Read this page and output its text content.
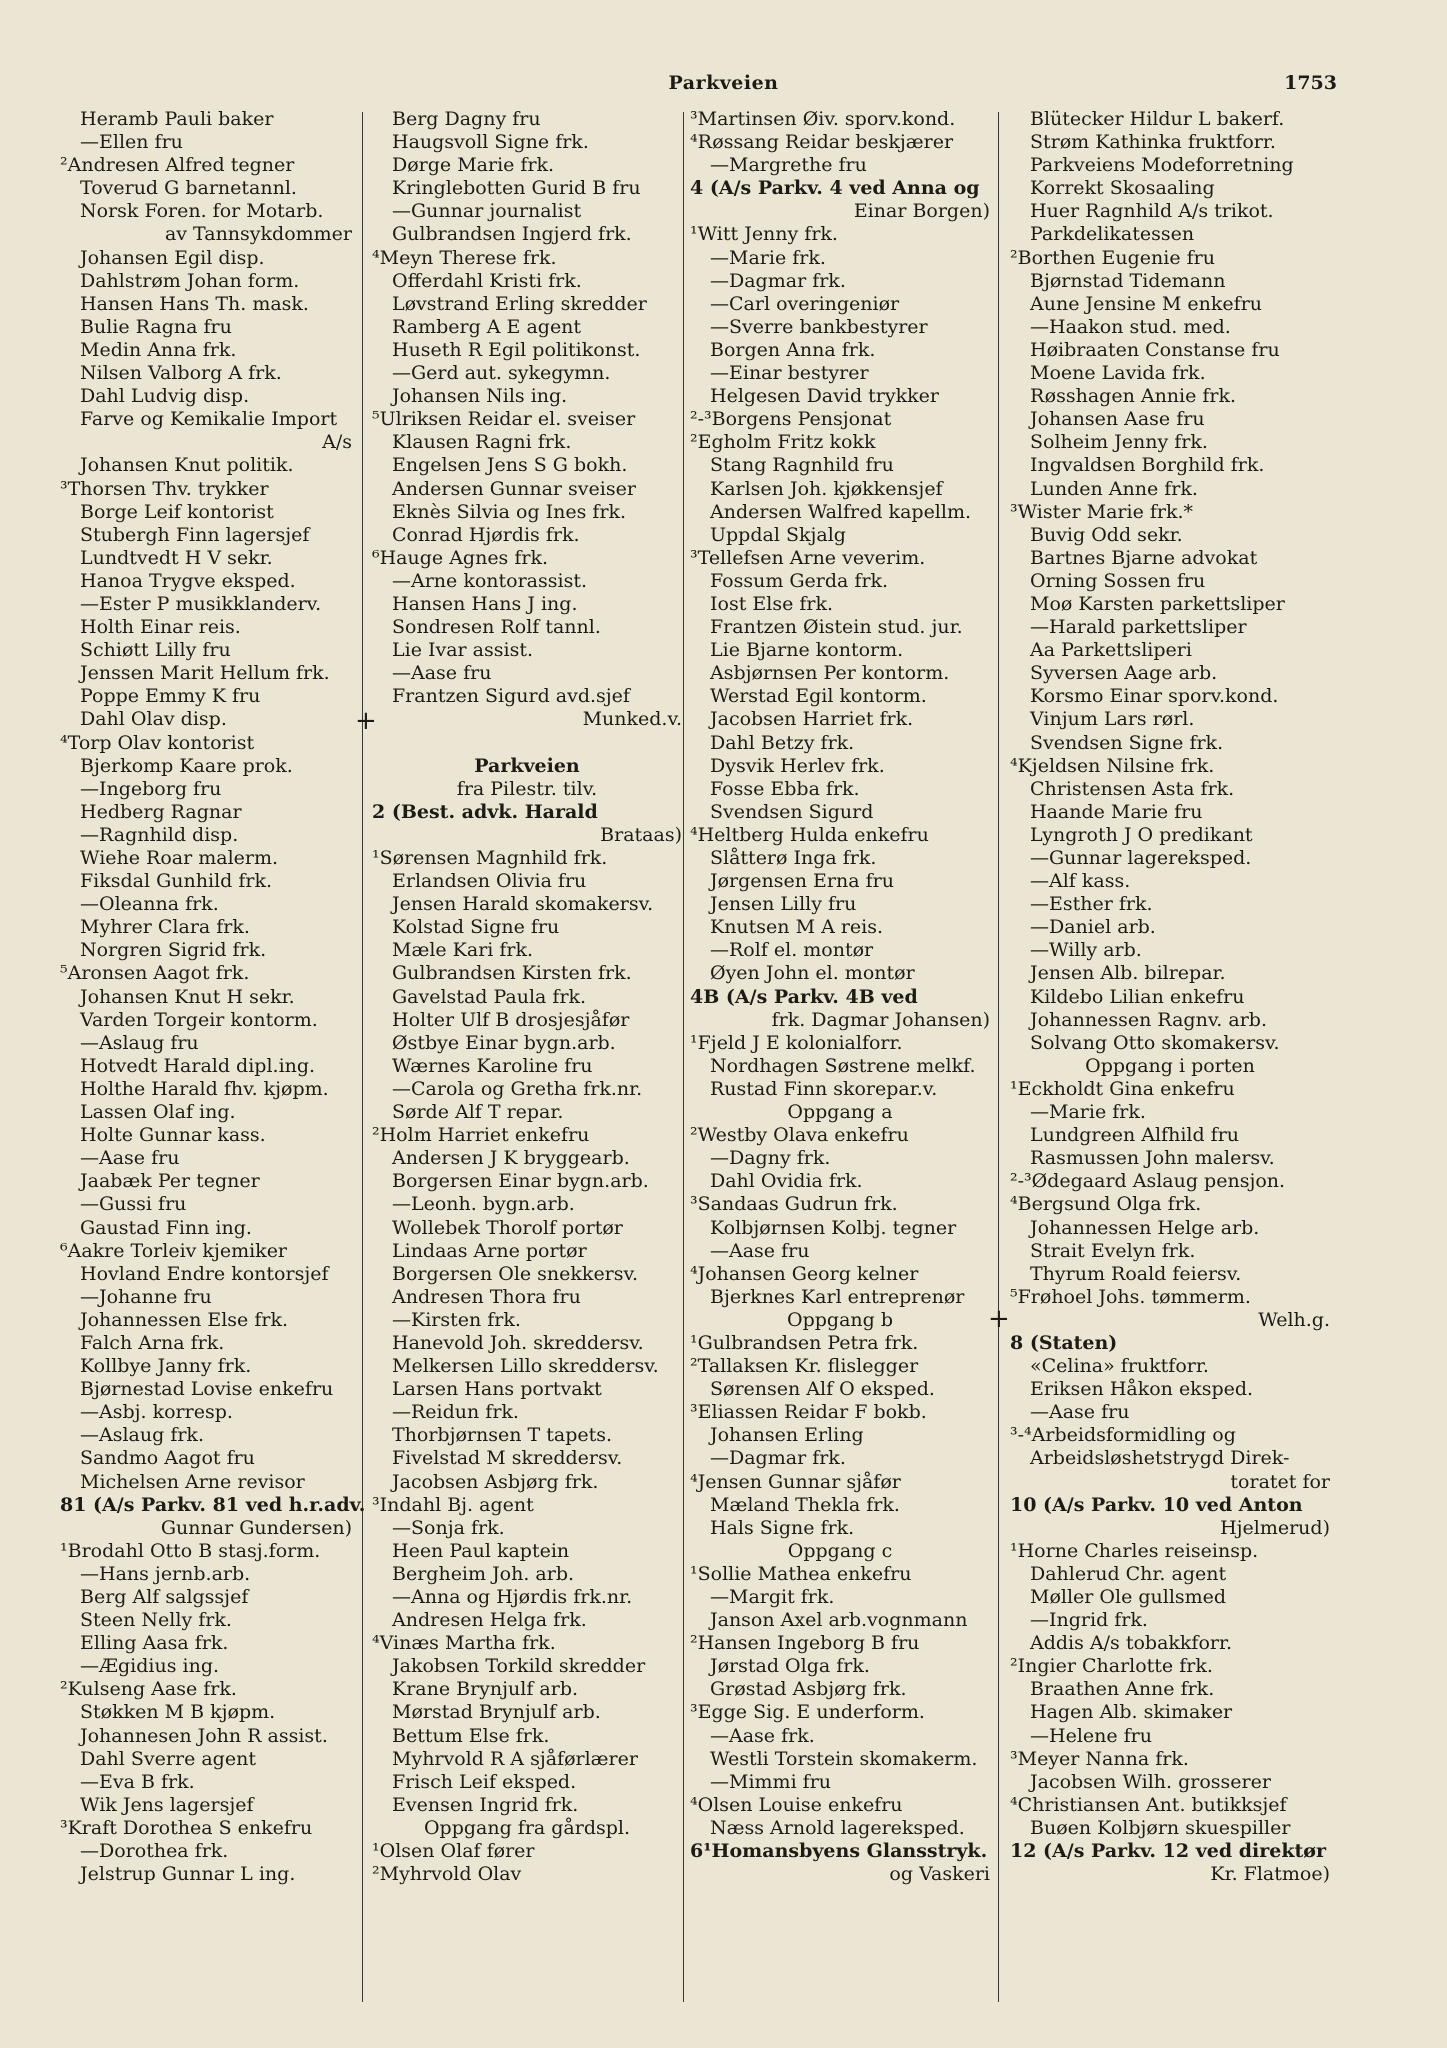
Parkveien	1753
+
+
Heramb Pauli baker
—Ellen fru
²Andresen Alfred tegner
Toverud G barnetannl.
Norsk Foren. for Motarb.
av Tannsykdommer
Johansen Egil disp.
Dahlstrøm Johan form.
Hansen Hans Th. mask.
Bulie Ragna fru
Medin Anna frk.
Nilsen Valborg A frk.
Dahl Ludvig disp.
Farve og Kemikalie Import
A/s
Johansen Knut politik.
³Thorsen Thv. trykker
Borge Leif kontorist
Stubergh Finn lagersjef
Lundtvedt H V sekr.
Hanoa Trygve eksped.
—Ester P musikklanderv.
Holth Einar reis.
Schiøtt Lilly fru
Jenssen Marit Hellum frk.
Poppe Emmy K fru
Dahl Olav disp.
⁴Torp Olav kontorist
Bjerkomp Kaare prok.
—Ingeborg fru
Hedberg Ragnar
—Ragnhild disp.
Wiehe Roar malerm.
Fiksdal Gunhild frk.
—Oleanna frk.
Myhrer Clara frk.
Norgren Sigrid frk.
⁵Aronsen Aagot frk.
Johansen Knut H sekr.
Varden Torgeir kontorm.
—Aslaug fru
Hotvedt Harald dipl.ing.
Holthe Harald fhv. kjøpm.
Lassen Olaf ing.
Holte Gunnar kass.
—Aase fru
Jaabæk Per tegner
—Gussi fru
Gaustad Finn ing.
⁶Aakre Torleiv kjemiker
Hovland Endre kontorsjef
—Johanne fru
Johannessen Else frk.
Falch Arna frk.
Kollbye Janny frk.
Bjørnestad Lovise enkefru
—Asbj. korresp.
—Aslaug frk.
Sandmo Aagot fru
Michelsen Arne revisor
81 (A/s Parkv. 81 ved h.r.adv.
Gunnar Gundersen)
¹Brodahl Otto B stasj.form.
—Hans jernb.arb.
Berg Alf salgssjef
Steen Nelly frk.
Elling Aasa frk.
—Ægidius ing.
²Kulseng Aase frk.
Støkken M B kjøpm.
Johannesen John R assist.
Dahl Sverre agent
—Eva B frk.
Wik Jens lagersjef
³Kraft Dorothea S enkefru
—Dorothea frk.
Jelstrup Gunnar L ing.
Berg Dagny fru
Haugsvoll Signe frk.
Dørge Marie frk.
Kringlebotten Gurid B fru
—Gunnar journalist
Gulbrandsen Ingjerd frk.
⁴Meyn Therese frk.
Offerdahl Kristi frk.
Løvstrand Erling skredder
Ramberg A E agent
Huseth R Egil politikonst.
—Gerd aut. sykegymn.
Johansen Nils ing.
⁵Ulriksen Reidar el. sveiser
Klausen Ragni frk.
Engelsen Jens S G bokh.
Andersen Gunnar sveiser
Eknès Silvia og Ines frk.
Conrad Hjørdis frk.
⁶Hauge Agnes frk.
—Arne kontorassist.
Hansen Hans J ing.
Sondresen Rolf tannl.
Lie Ivar assist.
—Aase fru
Frantzen Sigurd avd.sjef
Munked.v.
Parkveien
fra Pilestr. tilv.
2 (Best. advk. Harald
Brataas)
¹Sørensen Magnhild frk.
Erlandsen Olivia fru
Jensen Harald skomakersv.
Kolstad Signe fru
Mæle Kari frk.
Gulbrandsen Kirsten frk.
Gavelstad Paula frk.
Holter Ulf B drosjesjåfør
Østbye Einar bygn.arb.
Wærnes Karoline fru
—Carola og Gretha frk.nr.
Sørde Alf T repar.
²Holm Harriet enkefru
Andersen J K bryggearb.
Borgersen Einar bygn.arb.
—Leonh. bygn.arb.
Wollebek Thorolf portør
Lindaas Arne portør
Borgersen Ole snekkersv.
Andresen Thora fru
—Kirsten frk.
Hanevold Joh. skreddersv.
Melkersen Lillo skreddersv.
Larsen Hans portvakt
—Reidun frk.
Thorbjørnsen T tapets.
Fivelstad M skreddersv.
Jacobsen Asbjørg frk.
³Indahl Bj. agent
—Sonja frk.
Heen Paul kaptein
Bergheim Joh. arb.
—Anna og Hjørdis frk.nr.
Andresen Helga frk.
⁴Vinæs Martha frk.
Jakobsen Torkild skredder
Krane Brynjulf arb.
Mørstad Brynjulf arb.
Bettum Else frk.
Myhrvold R A sjåførlærer
Frisch Leif eksped.
Evensen Ingrid frk.
Oppgang fra gårdspl.
¹Olsen Olaf fører
²Myhrvold Olav
³Martinsen Øiv. sporv.kond.
⁴Røssang Reidar beskjærer
—Margrethe fru
4 (A/s Parkv. 4 ved Anna og
Einar Borgen)
¹Witt Jenny frk.
—Marie frk.
—Dagmar frk.
—Carl overingeniør
—Sverre bankbestyrer
Borgen Anna frk.
—Einar bestyrer
Helgesen David trykker
²-³Borgens Pensjonat
²Egholm Fritz kokk
Stang Ragnhild fru
Karlsen Joh. kjøkkensjef
Andersen Walfred kapellm.
Uppdal Skjalg
³Tellefsen Arne veverim.
Fossum Gerda frk.
Iost Else frk.
Frantzen Øistein stud. jur.
Lie Bjarne kontorm.
Asbjørnsen Per kontorm.
Werstad Egil kontorm.
Jacobsen Harriet frk.
Dahl Betzy frk.
Dysvik Herlev frk.
Fosse Ebba frk.
Svendsen Sigurd
⁴Heltberg Hulda enkefru
Slåtterø Inga frk.
Jørgensen Erna fru
Jensen Lilly fru
Knutsen M A reis.
—Rolf el. montør
Øyen John el. montør
4B (A/s Parkv. 4B ved
frk. Dagmar Johansen)
¹Fjeld J E kolonialforr.
Nordhagen Søstrene melkf.
Rustad Finn skorepar.v.
Oppgang a
²Westby Olava enkefru
—Dagny frk.
Dahl Ovidia frk.
³Sandaas Gudrun frk.
Kolbjørnsen Kolbj. tegner
—Aase fru
⁴Johansen Georg kelner
Bjerknes Karl entreprenør
Oppgang b
¹Gulbrandsen Petra frk.
²Tallaksen Kr. flislegger
Sørensen Alf O eksped.
³Eliassen Reidar F bokb.
Johansen Erling
—Dagmar frk.
⁴Jensen Gunnar sjåfør
Mæland Thekla frk.
Hals Signe frk.
Oppgang c
¹Sollie Mathea enkefru
—Margit frk.
Janson Axel arb.vognmann
²Hansen Ingeborg B fru
Jørstad Olga frk.
Grøstad Asbjørg frk.
³Egge Sig. E underform.
—Aase frk.
Westli Torstein skomakerm.
—Mimmi fru
⁴Olsen Louise enkefru
Næss Arnold lagereksped.
6¹Homansbyens Glansstryk.
og Vaskeri
Blütecker Hildur L bakerf.
Strøm Kathinka fruktforr.
Parkveiens Modeforretning
Korrekt Skosaaling
Huer Ragnhild A/s trikot.
Parkdelikatessen
²Borthen Eugenie fru
Bjørnstad Tidemann
Aune Jensine M enkefru
—Haakon stud. med.
Høibraaten Constanse fru
Moene Lavida frk.
Røsshagen Annie frk.
Johansen Aase fru
Solheim Jenny frk.
Ingvaldsen Borghild frk.
Lunden Anne frk.
³Wister Marie frk.*
Buvig Odd sekr.
Bartnes Bjarne advokat
Orning Sossen fru
Moø Karsten parkettsliper
—Harald parkettsliper
Aa Parkettsliperi
Syversen Aage arb.
Korsmo Einar sporv.kond.
Vinjum Lars rørl.
Svendsen Signe frk.
⁴Kjeldsen Nilsine frk.
Christensen Asta frk.
Haande Marie fru
Lyngroth J O predikant
—Gunnar lagereksped.
—Alf kass.
—Esther frk.
—Daniel arb.
—Willy arb.
Jensen Alb. bilrepar.
Kildebo Lilian enkefru
Johannessen Ragnv. arb.
Solvang Otto skomakersv.
Oppgang i porten
¹Eckholdt Gina enkefru
—Marie frk.
Lundgreen Alfhild fru
Rasmussen John malersv.
²-³Ødegaard Aslaug pensjon.
⁴Bergsund Olga frk.
Johannessen Helge arb.
Strait Evelyn frk.
Thyrum Roald feiersv.
⁵Frøhoel Johs. tømmerm.
Welh.g.
8 (Staten)
«Celina» fruktforr.
Eriksen Håkon eksped.
—Aase fru
³-⁴Arbeidsformidling og
Arbeidsløshetstrygd Direk-
toratet for
10 (A/s Parkv. 10 ved Anton
Hjelmerud)
¹Horne Charles reiseinsp.
Dahlerud Chr. agent
Møller Ole gullsmed
—Ingrid frk.
Addis A/s tobakkforr.
²Ingier Charlotte frk.
Braathen Anne frk.
Hagen Alb. skimaker
—Helene fru
³Meyer Nanna frk.
Jacobsen Wilh. grosserer
⁴Christiansen Ant. butikksjef
Buøen Kolbjørn skuespiller
12 (A/s Parkv. 12 ved direktør
Kr. Flatmoe)
